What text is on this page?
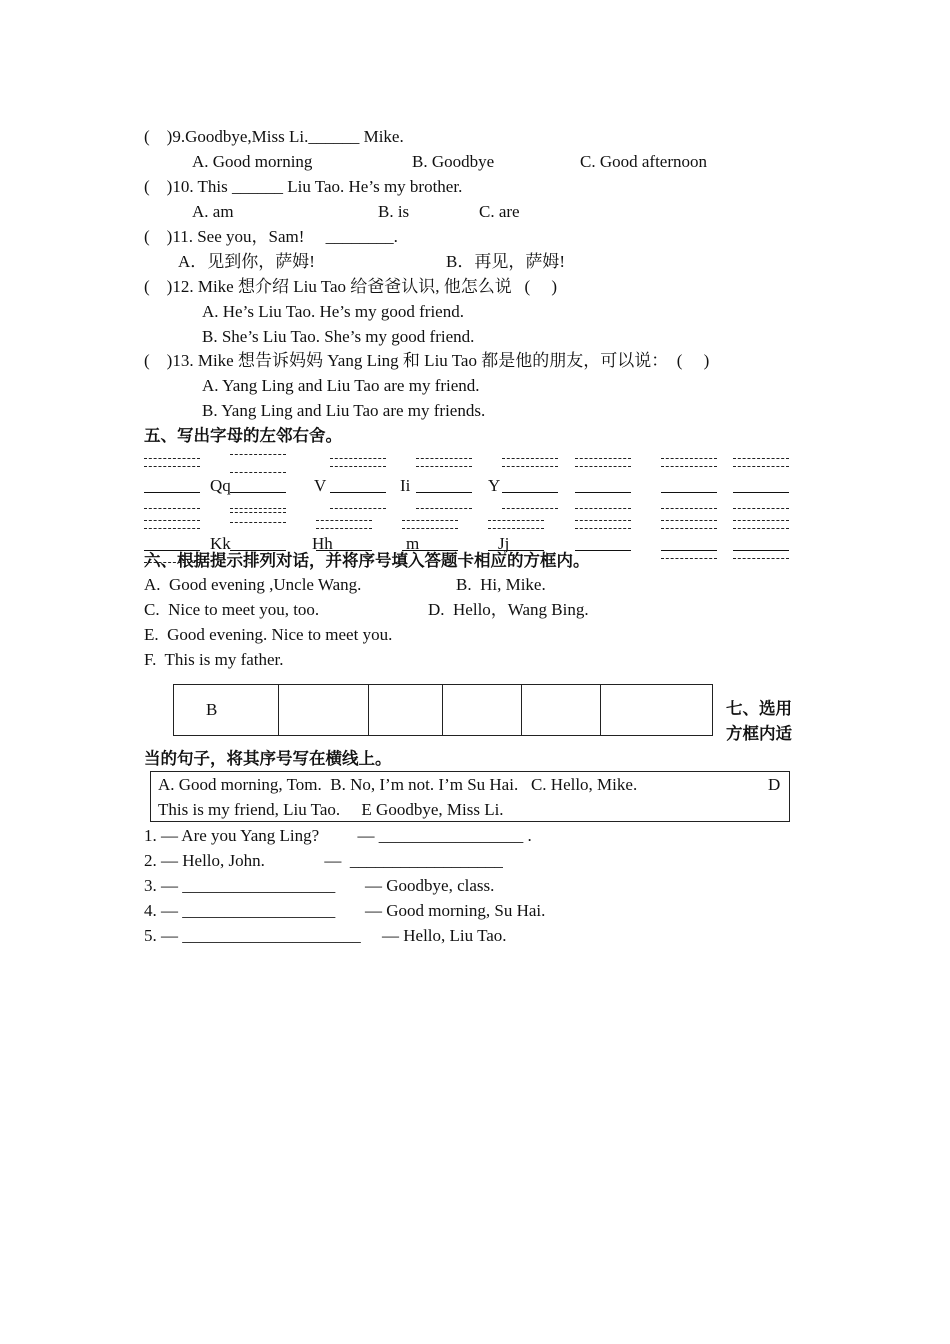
(    )9.Goodbye,Miss Li.______ Mike.
A. Good morning	B. Goodbye	C. Good afternoon
(    )10. This ______ Liu Tao. He’s my brother.
A. am	B. is	C. are
(    )11. See you，Sam!     ________.
A．见到你，萨姆!	B．再见，萨姆!
(    )12. Mike 想介绍 Liu Tao 给爸爸认识, 他怎么说   (     )
A. He’s Liu Tao. He’s my good friend.
B. She’s Liu Tao. She’s my good friend.
(    )13. Mike 想告诉妈妈 Yang Ling 和 Liu Tao 都是他的朋友，可以说：  (     )
A. Yang Ling and Liu Tao are my friend.
B. Yang Ling and Liu Tao are my friends.
五、写出字母的左邻右舍。
Qq	V	Ii	Y
Kk	Hh	m	Jj
六、根据提示排列对话，并将序号填入答题卡相应的方框内。
A.  Good evening ,Uncle Wang.	B.  Hi, Mike.
C.  Nice to meet you, too.	D.  Hello，Wang Bing.
E.  Good evening. Nice to meet you.
F.  This is my father.
B	七、选用
方框内适
当的句子，将其序号写在横线上。
A. Good morning, Tom.  B. No, I’m not. I’m Su Hai.   C. Hello, Mike.	D
This is my friend, Liu Tao.     E Goodbye, Miss Li.
1. — Are you Yang Ling?         — _________________ .
2. — Hello, John.              —  __________________
3. — __________________       — Goodbye, class.
4. — __________________       — Good morning, Su Hai.
5. — _____________________     — Hello, Liu Tao.
